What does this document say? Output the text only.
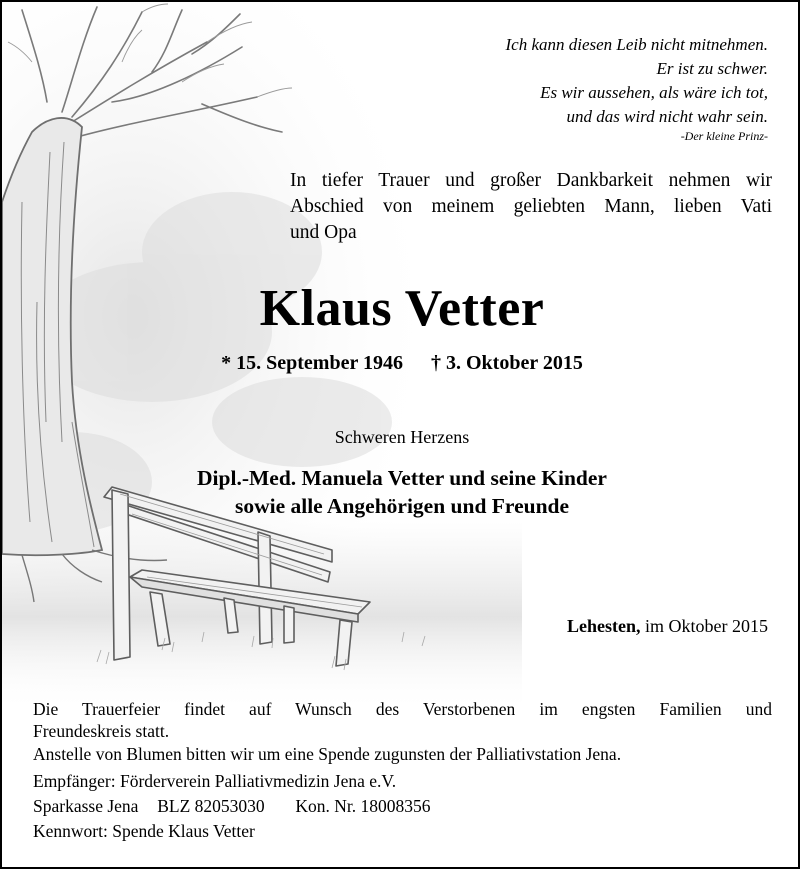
Ich kann diesen Leib nicht mitnehmen.
Er ist zu schwer.
Es wir aussehen, als wäre ich tot,
und das wird nicht wahr sein.
-Der kleine Prinz-
In tiefer Trauer und großer Dankbarkeit nehmen wir
Abschied von meinem geliebten Mann, lieben Vati
und Opa
Klaus Vetter
* 15. September 1946 † 3. Oktober 2015
Schweren Herzens
Dipl.-Med. Manuela Vetter und seine Kinder
sowie alle Angehörigen und Freunde
Lehesten, im Oktober 2015
Die Trauerfeier findet auf Wunsch des Verstorbenen im engsten Familien und
Freundeskreis statt.
Anstelle von Blumen bitten wir um eine Spende zugunsten der Palliativstation Jena.
Empfänger: Förderverein Palliativmedizin Jena e.V.
Sparkasse Jena BLZ 82053030 Kon. Nr. 18008356
Kennwort: Spende Klaus Vetter
